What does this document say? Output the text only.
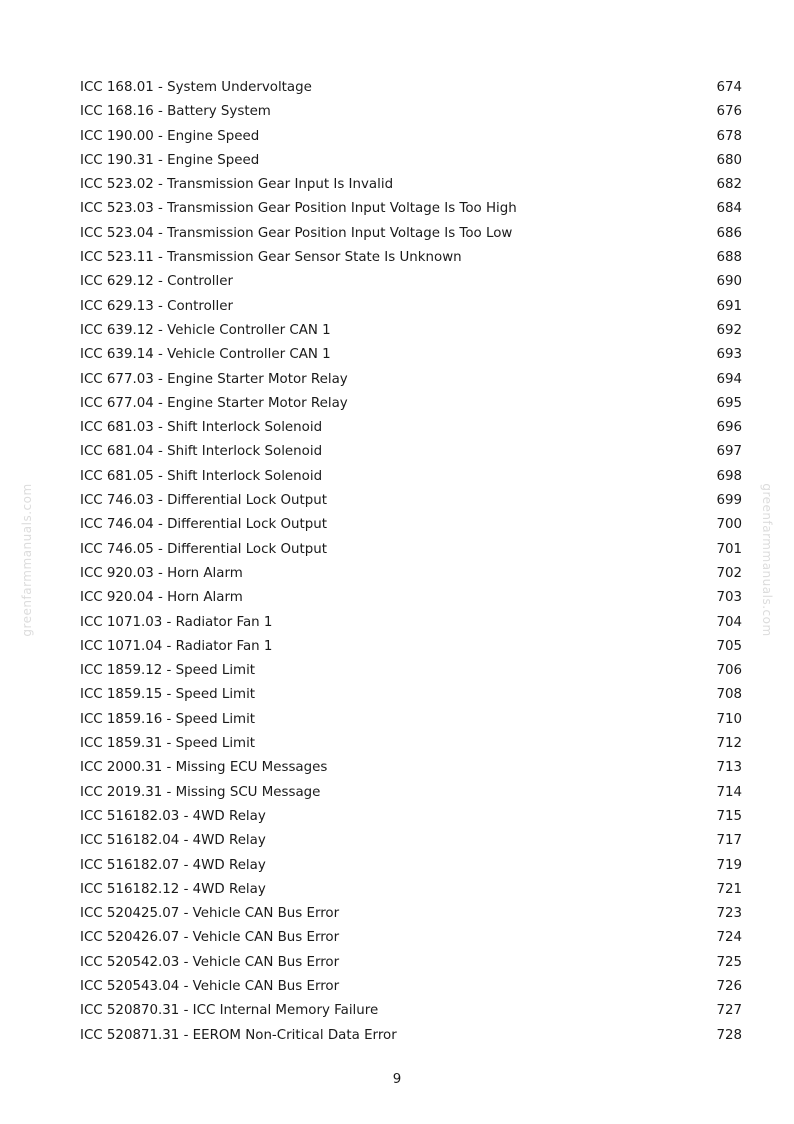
greenfarmmanuals.com	greenfarmmanuals.com
ICC 168.01 - System Undervoltage	674
ICC 168.16 - Battery System	676
ICC 190.00 - Engine Speed	678
ICC 190.31 - Engine Speed	680
ICC 523.02 - Transmission Gear Input Is Invalid	682
ICC 523.03 - Transmission Gear Position Input Voltage Is Too High	684
ICC 523.04 - Transmission Gear Position Input Voltage Is Too Low	686
ICC 523.11 - Transmission Gear Sensor State Is Unknown	688
ICC 629.12 - Controller	690
ICC 629.13 - Controller	691
ICC 639.12 - Vehicle Controller CAN 1	692
ICC 639.14 - Vehicle Controller CAN 1	693
ICC 677.03 - Engine Starter Motor Relay	694
ICC 677.04 - Engine Starter Motor Relay	695
ICC 681.03 - Shift Interlock Solenoid	696
ICC 681.04 - Shift Interlock Solenoid	697
ICC 681.05 - Shift Interlock Solenoid	698
ICC 746.03 - Differential Lock Output	699
ICC 746.04 - Differential Lock Output	700
ICC 746.05 - Differential Lock Output	701
ICC 920.03 - Horn Alarm	702
ICC 920.04 - Horn Alarm	703
ICC 1071.03 - Radiator Fan 1	704
ICC 1071.04 - Radiator Fan 1	705
ICC 1859.12 - Speed Limit	706
ICC 1859.15 - Speed Limit	708
ICC 1859.16 - Speed Limit	710
ICC 1859.31 - Speed Limit	712
ICC 2000.31 - Missing ECU Messages	713
ICC 2019.31 - Missing SCU Message	714
ICC 516182.03 - 4WD Relay	715
ICC 516182.04 - 4WD Relay	717
ICC 516182.07 - 4WD Relay	719
ICC 516182.12 - 4WD Relay	721
ICC 520425.07 - Vehicle CAN Bus Error	723
ICC 520426.07 - Vehicle CAN Bus Error	724
ICC 520542.03 - Vehicle CAN Bus Error	725
ICC 520543.04 - Vehicle CAN Bus Error	726
ICC 520870.31 - ICC Internal Memory Failure	727
ICC 520871.31 - EEROM Non-Critical Data Error	728
9
